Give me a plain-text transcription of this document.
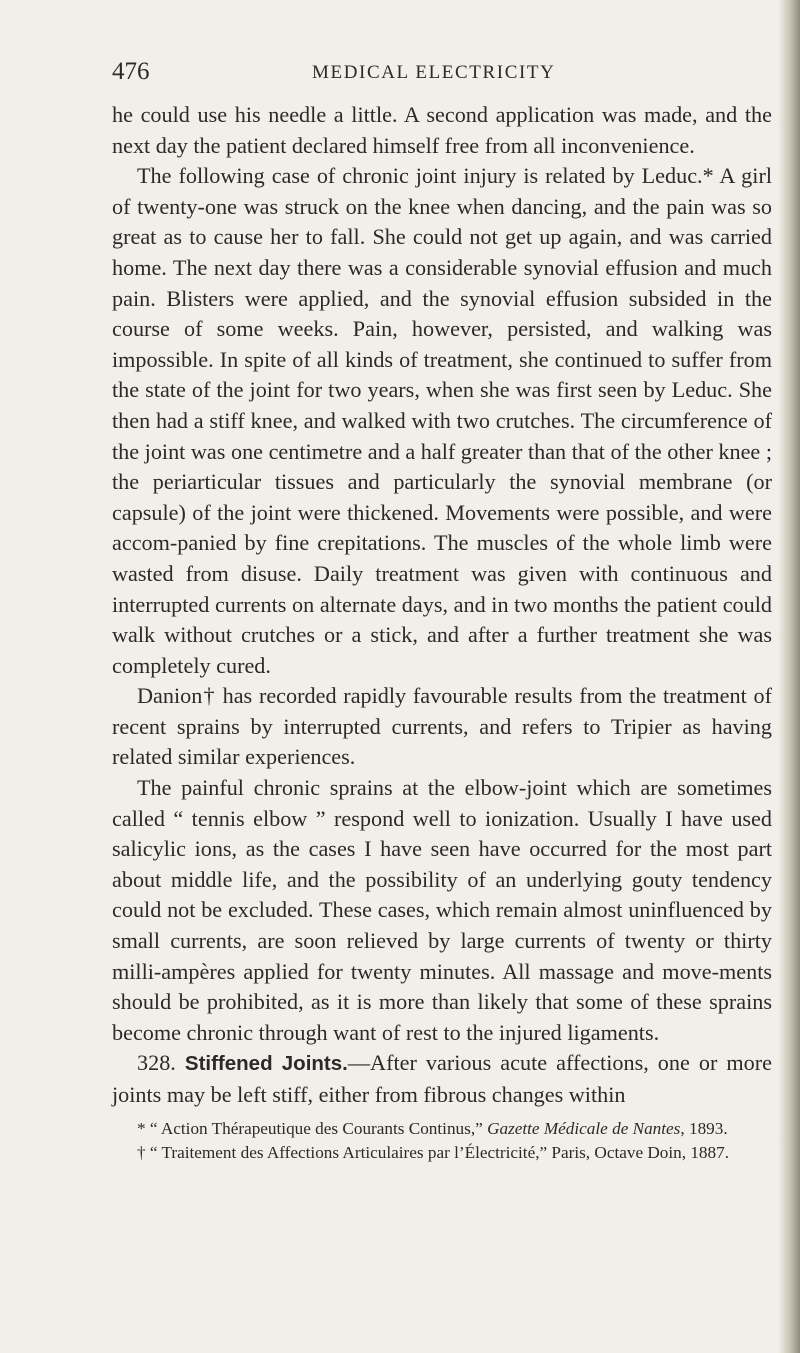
476	MEDICAL ELECTRICITY

he could use his needle a little. A second application was made, and the next day the patient declared himself free from all inconvenience.

The following case of chronic joint injury is related by Leduc.* A girl of twenty-one was struck on the knee when dancing, and the pain was so great as to cause her to fall. She could not get up again, and was carried home. The next day there was a considerable synovial effusion and much pain. Blisters were applied, and the synovial effusion subsided in the course of some weeks. Pain, however, persisted, and walking was impossible. In spite of all kinds of treatment, she continued to suffer from the state of the joint for two years, when she was first seen by Leduc. She then had a stiff knee, and walked with two crutches. The circumference of the joint was one centimetre and a half greater than that of the other knee ; the periarticular tissues and particularly the synovial membrane (or capsule) of the joint were thickened. Movements were possible, and were accom-panied by fine crepitations. The muscles of the whole limb were wasted from disuse. Daily treatment was given with continuous and interrupted currents on alternate days, and in two months the patient could walk without crutches or a stick, and after a further treatment she was completely cured.

Danion† has recorded rapidly favourable results from the treatment of recent sprains by interrupted currents, and refers to Tripier as having related similar experiences.

The painful chronic sprains at the elbow-joint which are sometimes called “ tennis elbow ” respond well to ionization. Usually I have used salicylic ions, as the cases I have seen have occurred for the most part about middle life, and the possibility of an underlying gouty tendency could not be excluded. These cases, which remain almost uninfluenced by small currents, are soon relieved by large currents of twenty or thirty milli-ampères applied for twenty minutes. All massage and move-ments should be prohibited, as it is more than likely that some of these sprains become chronic through want of rest to the injured ligaments.

328. Stiffened Joints.—After various acute affections, one or more joints may be left stiff, either from fibrous changes within

* “ Action Thérapeutique des Courants Continus,” Gazette Médicale de Nantes, 1893.

† “ Traitement des Affections Articulaires par l’Électricité,” Paris, Octave Doin, 1887.
